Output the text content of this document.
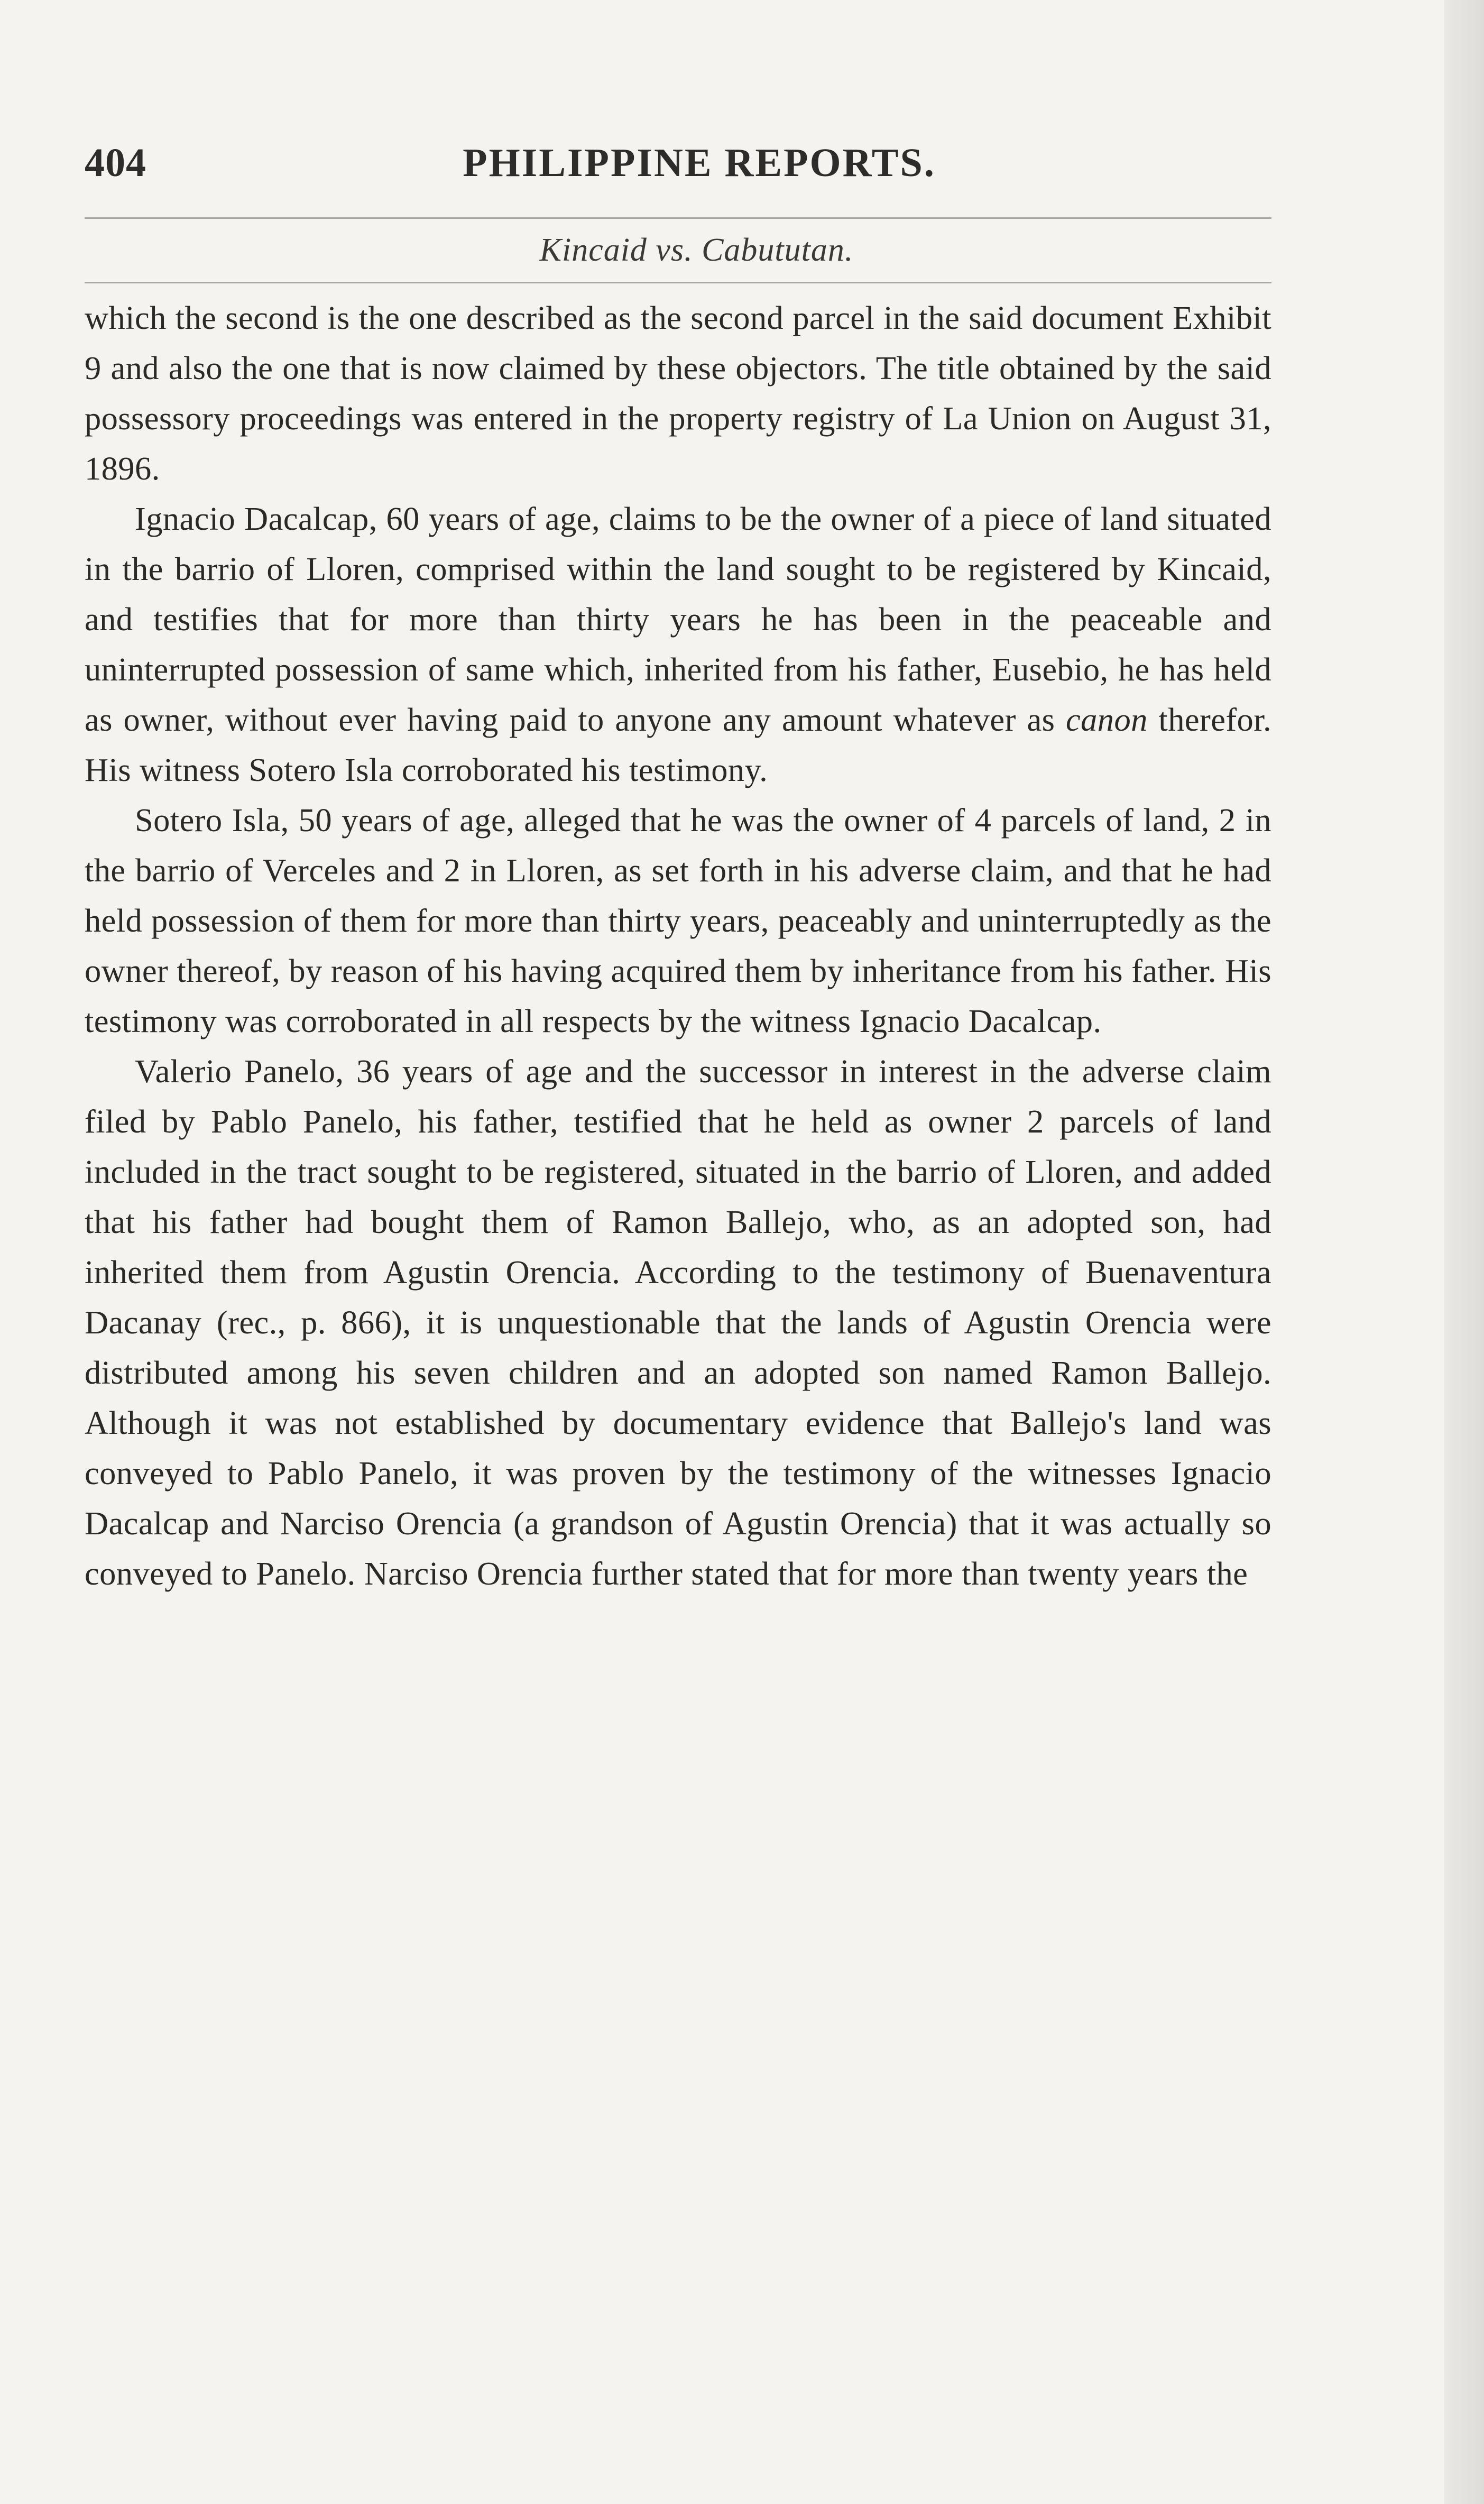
404	PHILIPPINE REPORTS.
Kincaid vs. Cabututan.

which the second is the one described as the second parcel in the said document Exhibit 9 and also the one that is now claimed by these objectors. The title obtained by the said possessory proceedings was entered in the property registry of La Union on August 31, 1896.

Ignacio Dacalcap, 60 years of age, claims to be the owner of a piece of land situated in the barrio of Lloren, comprised within the land sought to be registered by Kincaid, and testifies that for more than thirty years he has been in the peaceable and uninterrupted possession of same which, inherited from his father, Eusebio, he has held as owner, without ever having paid to anyone any amount whatever as canon therefor. His witness Sotero Isla corroborated his testimony.

Sotero Isla, 50 years of age, alleged that he was the owner of 4 parcels of land, 2 in the barrio of Verceles and 2 in Lloren, as set forth in his adverse claim, and that he had held possession of them for more than thirty years, peaceably and uninterruptedly as the owner thereof, by reason of his having acquired them by inheritance from his father. His testimony was corroborated in all respects by the witness Ignacio Dacalcap.

Valerio Panelo, 36 years of age and the successor in interest in the adverse claim filed by Pablo Panelo, his father, testified that he held as owner 2 parcels of land included in the tract sought to be registered, situated in the barrio of Lloren, and added that his father had bought them of Ramon Ballejo, who, as an adopted son, had inherited them from Agustin Orencia. According to the testimony of Buenaventura Dacanay (rec., p. 866), it is unquestionable that the lands of Agustin Orencia were distributed among his seven children and an adopted son named Ramon Ballejo. Although it was not established by documentary evidence that Ballejo's land was conveyed to Pablo Panelo, it was proven by the testimony of the witnesses Ignacio Dacalcap and Narciso Orencia (a grandson of Agustin Orencia) that it was actually so conveyed to Panelo. Narciso Orencia further stated that for more than twenty years the
